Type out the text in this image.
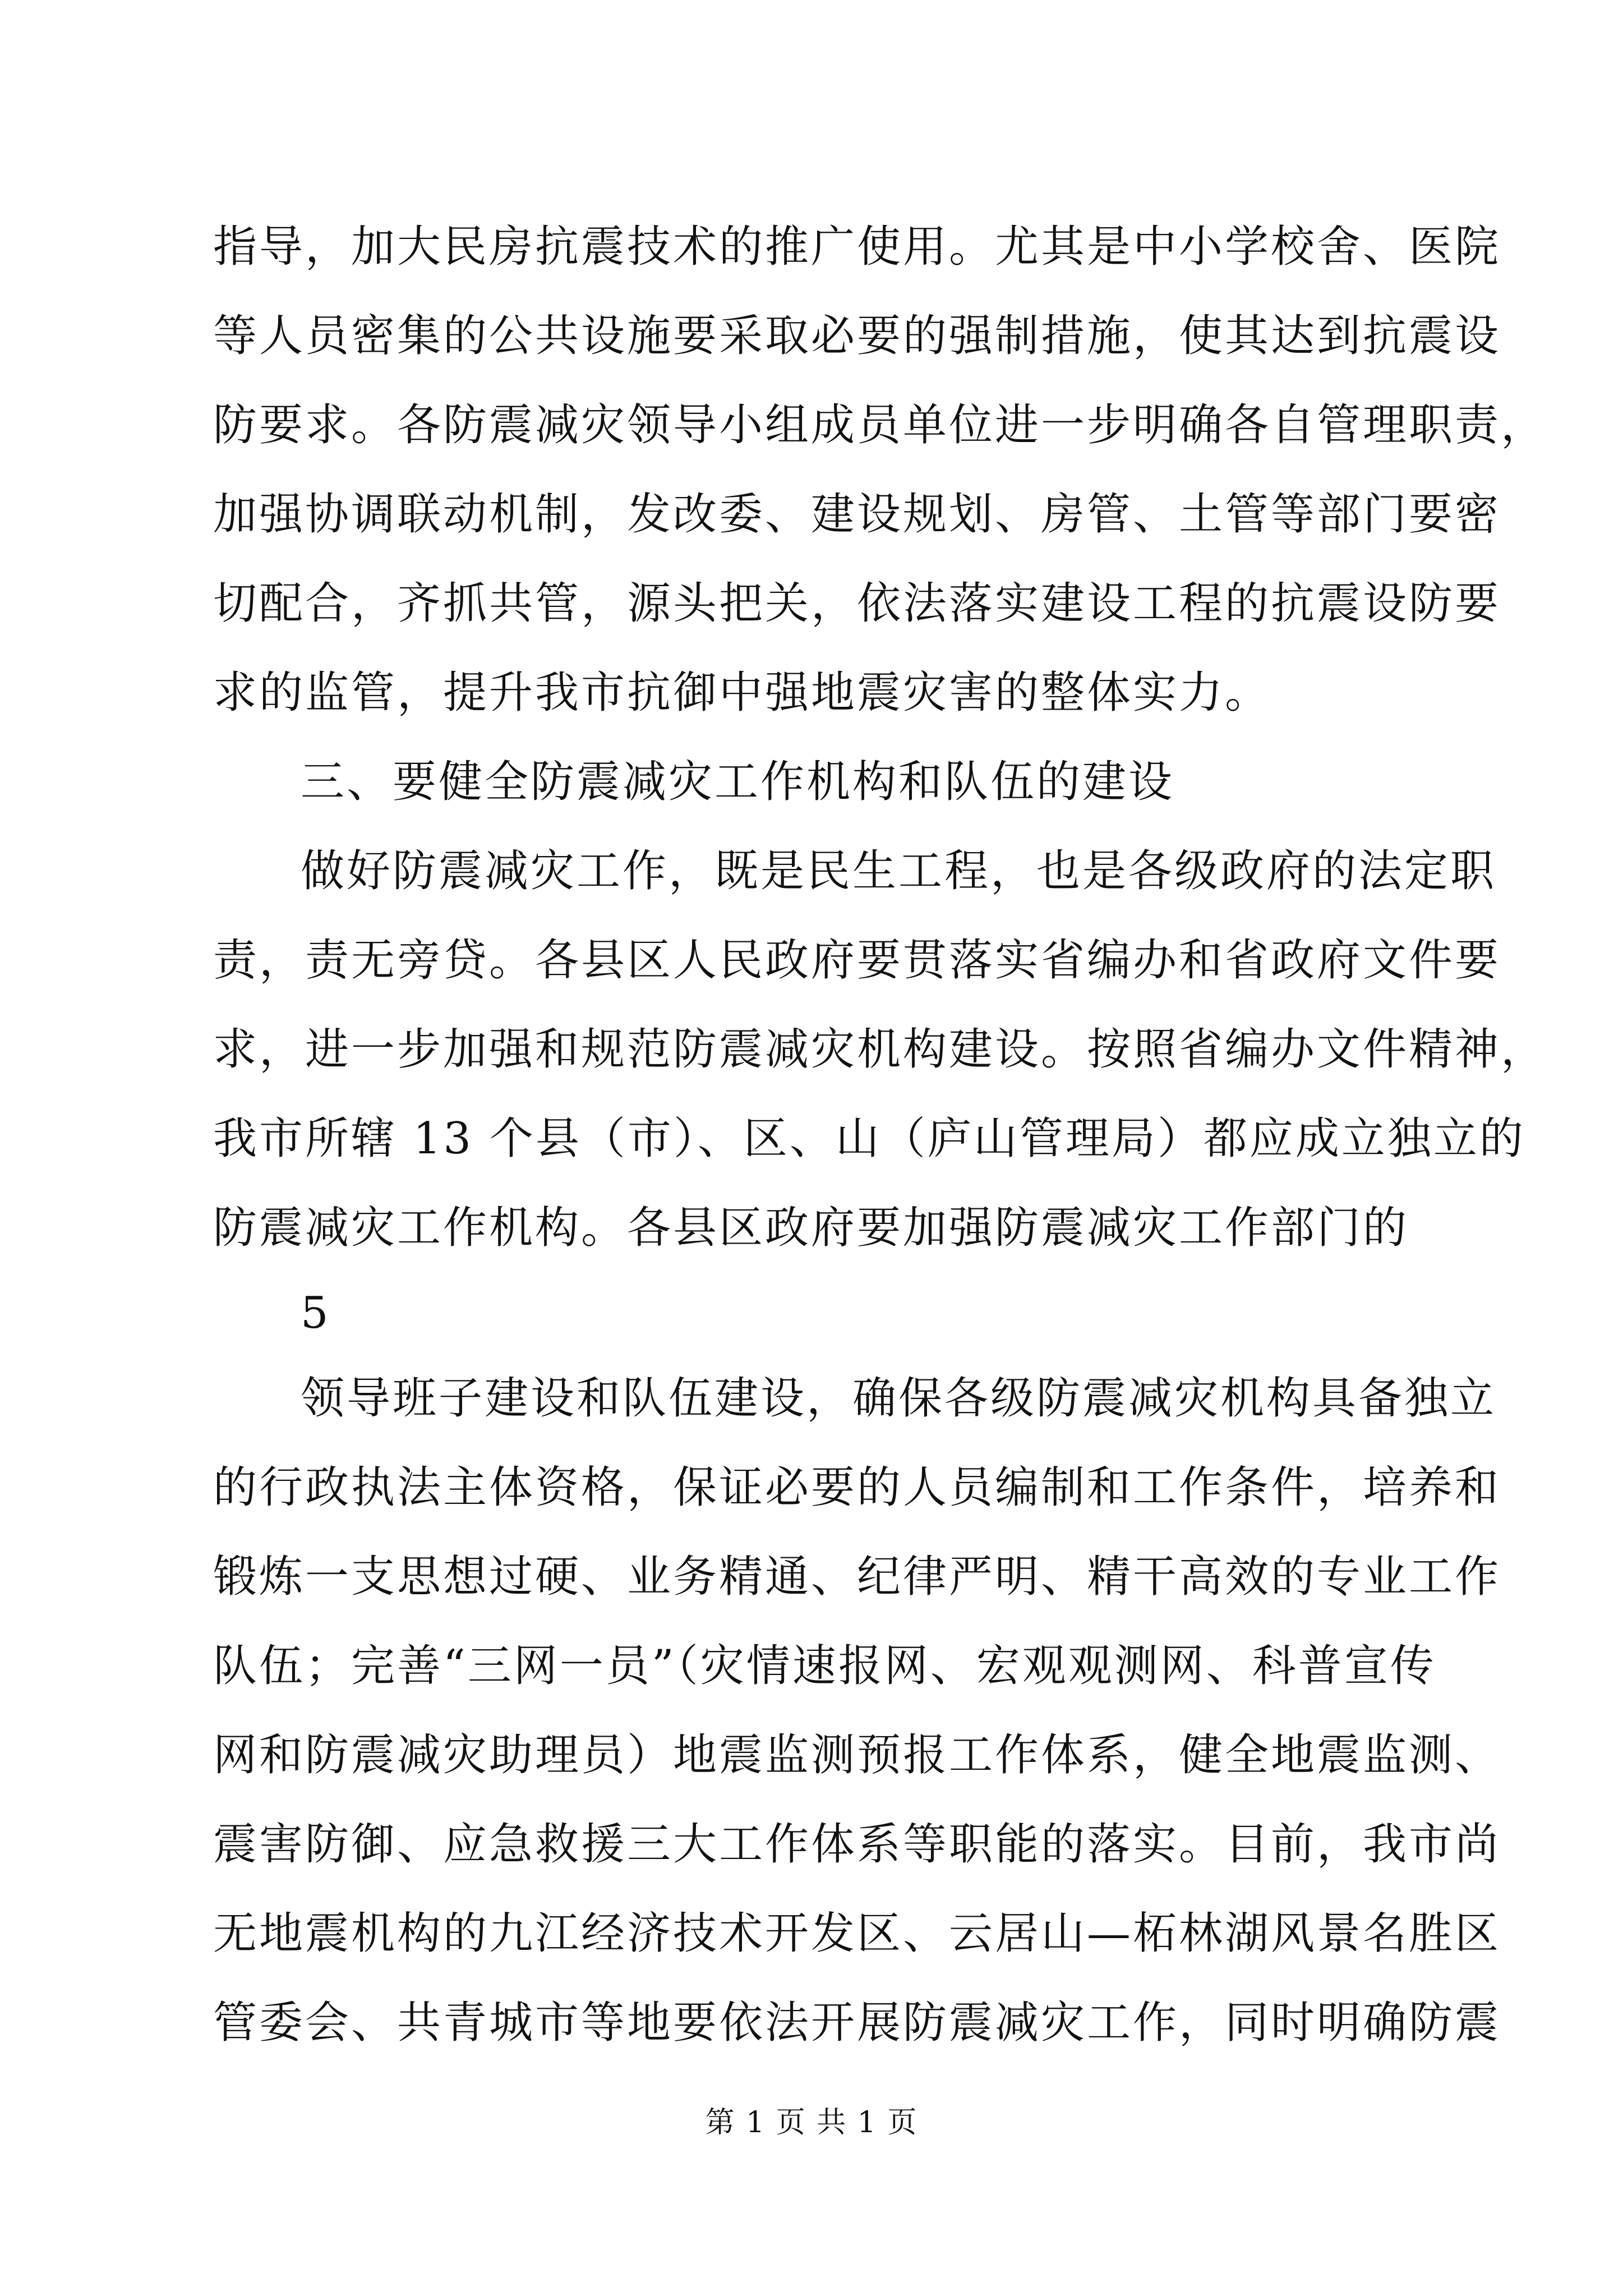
指导，加大民房抗震技术的推广使用。尤其是中小学校舍、医院
等人员密集的公共设施要采取必要的强制措施，使其达到抗震设
防要求。各防震减灾领导小组成员单位进一步明确各自管理职责，
加强协调联动机制，发改委、建设规划、房管、土管等部门要密
切配合，齐抓共管，源头把关，依法落实建设工程的抗震设防要
求的监管，提升我市抗御中强地震灾害的整体实力。
三、要健全防震减灾工作机构和队伍的建设
做好防震减灾工作，既是民生工程，也是各级政府的法定职
责，责无旁贷。各县区人民政府要贯落实省编办和省政府文件要
求，进一步加强和规范防震减灾机构建设。按照省编办文件精神，
我市所辖 13 个县（市）、区、山（庐山管理局）都应成立独立的
防震减灾工作机构。各县区政府要加强防震减灾工作部门的
5
领导班子建设和队伍建设，确保各级防震减灾机构具备独立
的行政执法主体资格，保证必要的人员编制和工作条件，培养和
锻炼一支思想过硬、业务精通、纪律严明、精干高效的专业工作
队伍；完善“三网一员”（灾情速报网、宏观观测网、科普宣传
网和防震减灾助理员）地震监测预报工作体系，健全地震监测、
震害防御、应急救援三大工作体系等职能的落实。目前，我市尚
无地震机构的九江经济技术开发区、云居山—柘林湖风景名胜区
管委会、共青城市等地要依法开展防震减灾工作，同时明确防震
第 1 页 共 1 页
